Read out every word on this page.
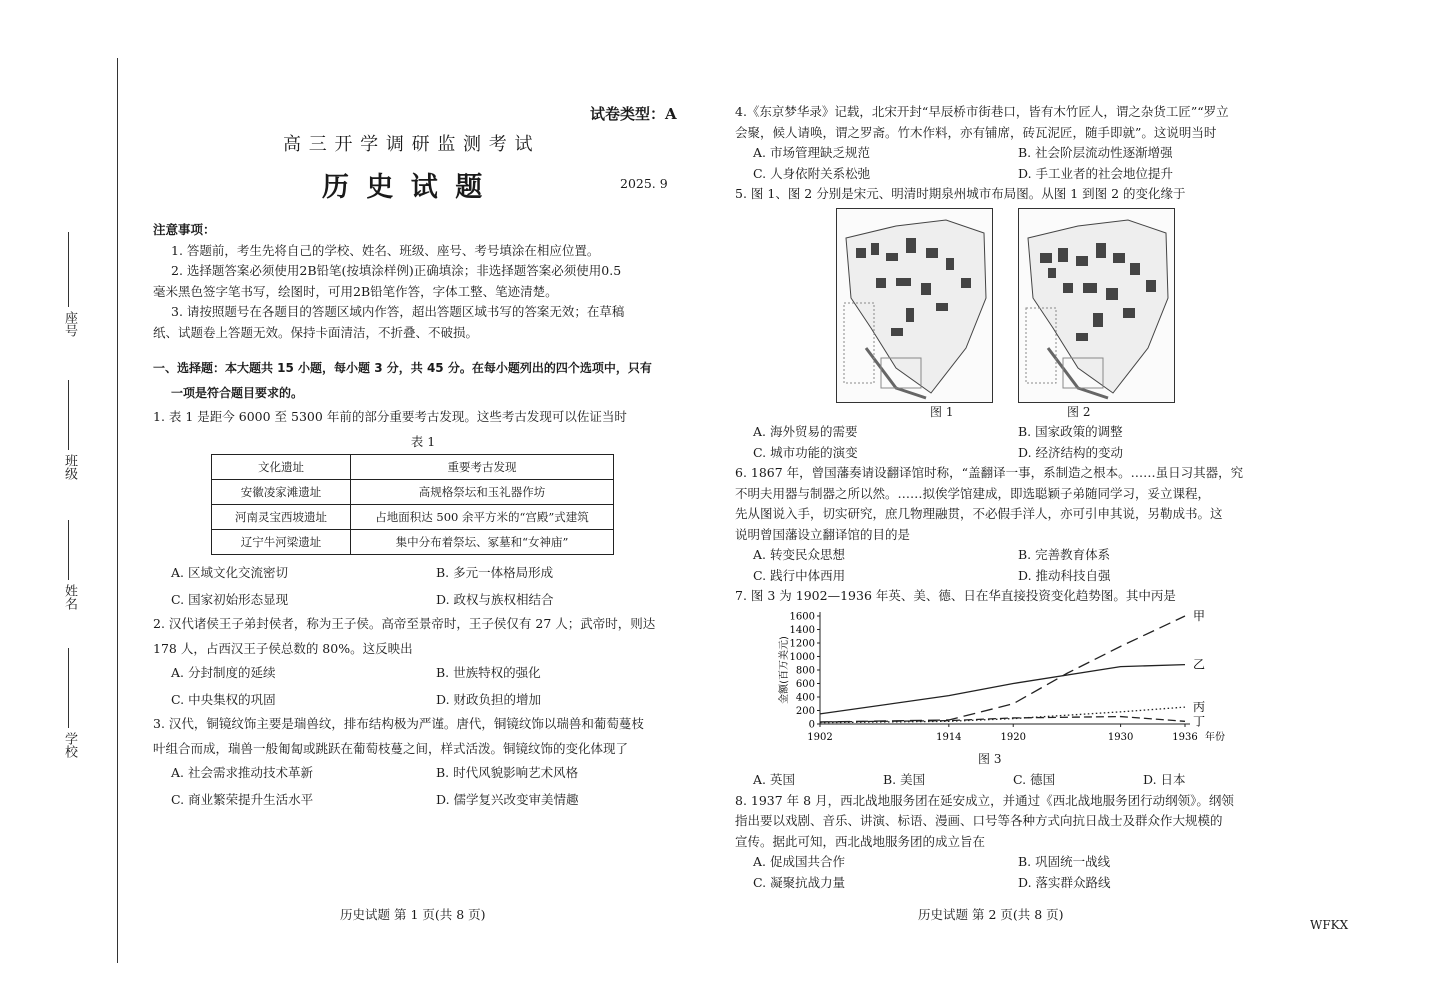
座号
班级
姓名
学校
试卷类型：A
高 三 开 学 调 研 监 测 考 试
历 史 试 题	2025. 9

注意事项：

1. 答题前，考生先将自己的学校、姓名、班级、座号、考号填涂在相应位置。

2. 选择题答案必须使用2B铅笔(按填涂样例)正确填涂；非选择题答案必须使用0.5

毫米黑色签字笔书写，绘图时，可用2B铅笔作答，字体工整、笔迹清楚。

3. 请按照题号在各题目的答题区域内作答，超出答题区域书写的答案无效；在草稿

纸、试题卷上答题无效。保持卡面清洁，不折叠、不破损。

一、选择题：本大题共 15 小题，每小题 3 分，共 45 分。在每小题列出的四个选项中，只有

一项是符合题目要求的。

1. 表 1 是距今 6000 至 5300 年前的部分重要考古发现。这些考古发现可以佐证当时

表 1

文化遗址	重要考古发现
安徽凌家滩遗址	高规格祭坛和玉礼器作坊
河南灵宝西坡遗址	占地面积达 500 余平方米的“宫殿”式建筑
辽宁牛河梁遗址	集中分布着祭坛、冢墓和“女神庙”
A. 区域文化交流密切	B. 多元一体格局形成
C. 国家初始形态显现	D. 政权与族权相结合

2. 汉代诸侯王子弟封侯者，称为王子侯。高帝至景帝时，王子侯仅有 27 人；武帝时，则达

178 人，占西汉王子侯总数的 80%。这反映出

A. 分封制度的延续	B. 世族特权的强化
C. 中央集权的巩固	D. 财政负担的增加

3. 汉代，铜镜纹饰主要是瑞兽纹，排布结构极为严谨。唐代，铜镜纹饰以瑞兽和葡萄蔓枝

叶组合而成，瑞兽一般匍匐或跳跃在葡萄枝蔓之间，样式活泼。铜镜纹饰的变化体现了

A. 社会需求推动技术革新	B. 时代风貌影响艺术风格
C. 商业繁荣提升生活水平	D. 儒学复兴改变审美情趣
历史试题 第 1 页(共 8 页)

4.《东京梦华录》记载，北宋开封“早辰桥市街巷口，皆有木竹匠人，谓之杂货工匠”“罗立

会聚，候人请唤，谓之罗斋。竹木作料，亦有铺席，砖瓦泥匠，随手即就”。这说明当时

A. 市场管理缺乏规范	B. 社会阶层流动性逐渐增强
C. 人身依附关系松弛	D. 手工业者的社会地位提升

5. 图 1、图 2 分别是宋元、明清时期泉州城市布局图。从图 1 到图 2 的变化缘于

图 1	图 2
A. 海外贸易的需要	B. 国家政策的调整
C. 城市功能的演变	D. 经济结构的变动

6. 1867 年，曾国藩奏请设翻译馆时称，“盖翻译一事，系制造之根本。……虽日习其器，究

不明夫用器与制器之所以然。……拟俟学馆建成，即选聪颖子弟随同学习，妥立课程，

先从图说入手，切实研究，庶几物理融贯，不必假手洋人，亦可引申其说，另勒成书。这

说明曾国藩设立翻译馆的目的是

A. 转变民众思想	B. 完善教育体系
C. 践行中体西用	D. 推动科技自强

7. 图 3 为 1902—1936 年英、美、德、日在华直接投资变化趋势图。其中丙是

0
200
400
600
800
1000
1200
1400
1600
1902	1914	1920	1930	1936 年份
金额(百万美元)
甲
乙
丙
丁
图 3
A. 英国	B. 美国	C. 德国	D. 日本

8. 1937 年 8 月，西北战地服务团在延安成立，并通过《西北战地服务团行动纲领》。纲领

指出要以戏剧、音乐、讲演、标语、漫画、口号等各种方式向抗日战士及群众作大规模的

宣传。据此可知，西北战地服务团的成立旨在

A. 促成国共合作	B. 巩固统一战线
C. 凝聚抗战力量	D. 落实群众路线
历史试题 第 2 页(共 8 页)
WFKX
